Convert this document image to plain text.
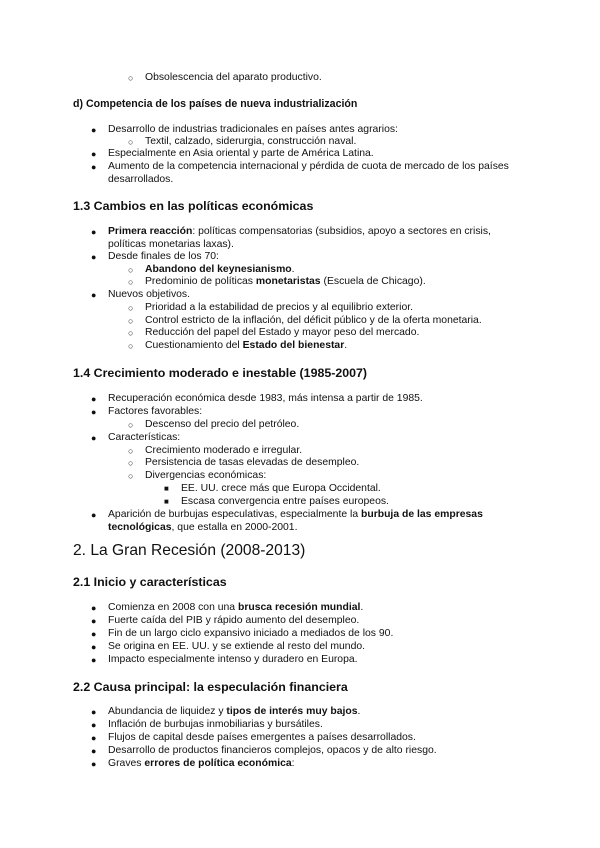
○ Obsolescencia del aparato productivo.
d) Competencia de los países de nueva industrialización
● Desarrollo de industrias tradicionales en países antes agrarios:
○ Textil, calzado, siderurgia, construcción naval.
● Especialmente en Asia oriental y parte de América Latina.
● Aumento de la competencia internacional y pérdida de cuota de mercado de los países desarrollados.
1.3 Cambios en las políticas económicas
● Primera reacción: políticas compensatorias (subsidios, apoyo a sectores en crisis, políticas monetarias laxas).
● Desde finales de los 70:
○ Abandono del keynesianismo.
○ Predominio de políticas monetaristas (Escuela de Chicago).
● Nuevos objetivos.
○ Prioridad a la estabilidad de precios y al equilibrio exterior.
○ Control estricto de la inflación, del déficit público y de la oferta monetaria.
○ Reducción del papel del Estado y mayor peso del mercado.
○ Cuestionamiento del Estado del bienestar.
1.4 Crecimiento moderado e inestable (1985-2007)
● Recuperación económica desde 1983, más intensa a partir de 1985.
● Factores favorables:
○ Descenso del precio del petróleo.
● Características:
○ Crecimiento moderado e irregular.
○ Persistencia de tasas elevadas de desempleo.
○ Divergencias económicas:
■ EE. UU. crece más que Europa Occidental.
■ Escasa convergencia entre países europeos.
● Aparición de burbujas especulativas, especialmente la burbuja de las empresas tecnológicas, que estalla en 2000-2001.
2. La Gran Recesión (2008-2013)
2.1 Inicio y características
● Comienza en 2008 con una brusca recesión mundial.
● Fuerte caída del PIB y rápido aumento del desempleo.
● Fin de un largo ciclo expansivo iniciado a mediados de los 90.
● Se origina en EE. UU. y se extiende al resto del mundo.
● Impacto especialmente intenso y duradero en Europa.
2.2 Causa principal: la especulación financiera
● Abundancia de liquidez y tipos de interés muy bajos.
● Inflación de burbujas inmobiliarias y bursátiles.
● Flujos de capital desde países emergentes a países desarrollados.
● Desarrollo de productos financieros complejos, opacos y de alto riesgo.
● Graves errores de política económica:
